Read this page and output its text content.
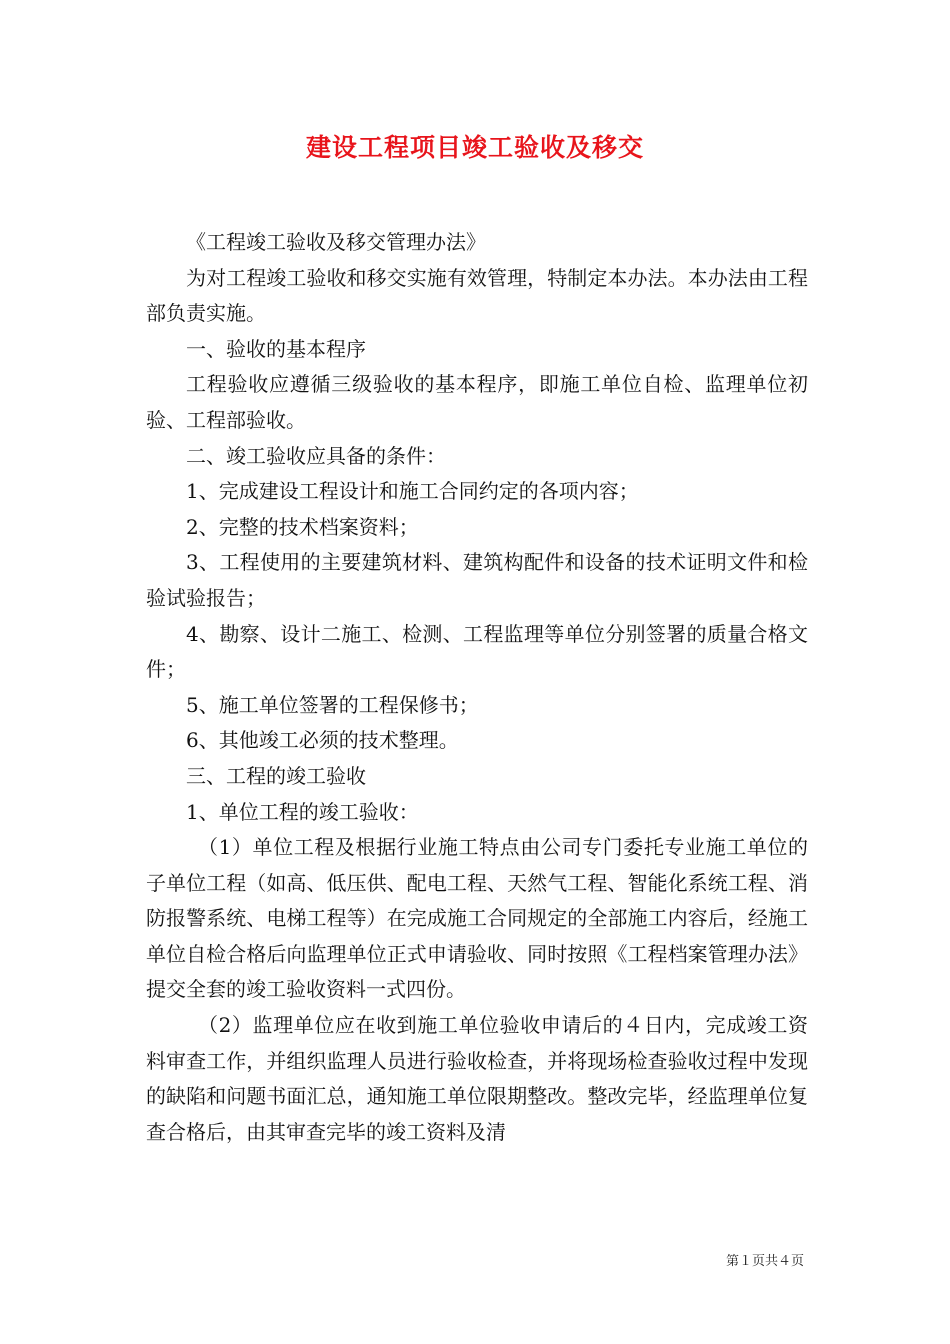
建设工程项目竣工验收及移交

《工程竣工验收及移交管理办法》

为对工程竣工验收和移交实施有效管理，特制定本办法。本办法由工程部负责实施。

一、验收的基本程序

工程验收应遵循三级验收的基本程序，即施工单位自检、监理单位初验、工程部验收。

二、竣工验收应具备的条件：

1、完成建设工程设计和施工合同约定的各项内容；

2、完整的技术档案资料；

3、工程使用的主要建筑材料、建筑构配件和设备的技术证明文件和检验试验报告；

4、勘察、设计二施工、检测、工程监理等单位分别签署的质量合格文件；

5、施工单位签署的工程保修书；

6、其他竣工必须的技术整理。

三、工程的竣工验收

1、单位工程的竣工验收：

（1）单位工程及根据行业施工特点由公司专门委托专业施工单位的子单位工程（如高、低压供、配电工程、天然气工程、智能化系统工程、消防报警系统、电梯工程等）在完成施工合同规定的全部施工内容后，经施工单位自检合格后向监理单位正式申请验收、同时按照《工程档案管理办法》提交全套的竣工验收资料一式四份。

（2）监理单位应在收到施工单位验收申请后的４日内，完成竣工资料审查工作，并组织监理人员进行验收检查，并将现场检查验收过程中发现的缺陷和问题书面汇总，通知施工单位限期整改。整改完毕，经监理单位复查合格后，由其审查完毕的竣工资料及清

第１页共４页
